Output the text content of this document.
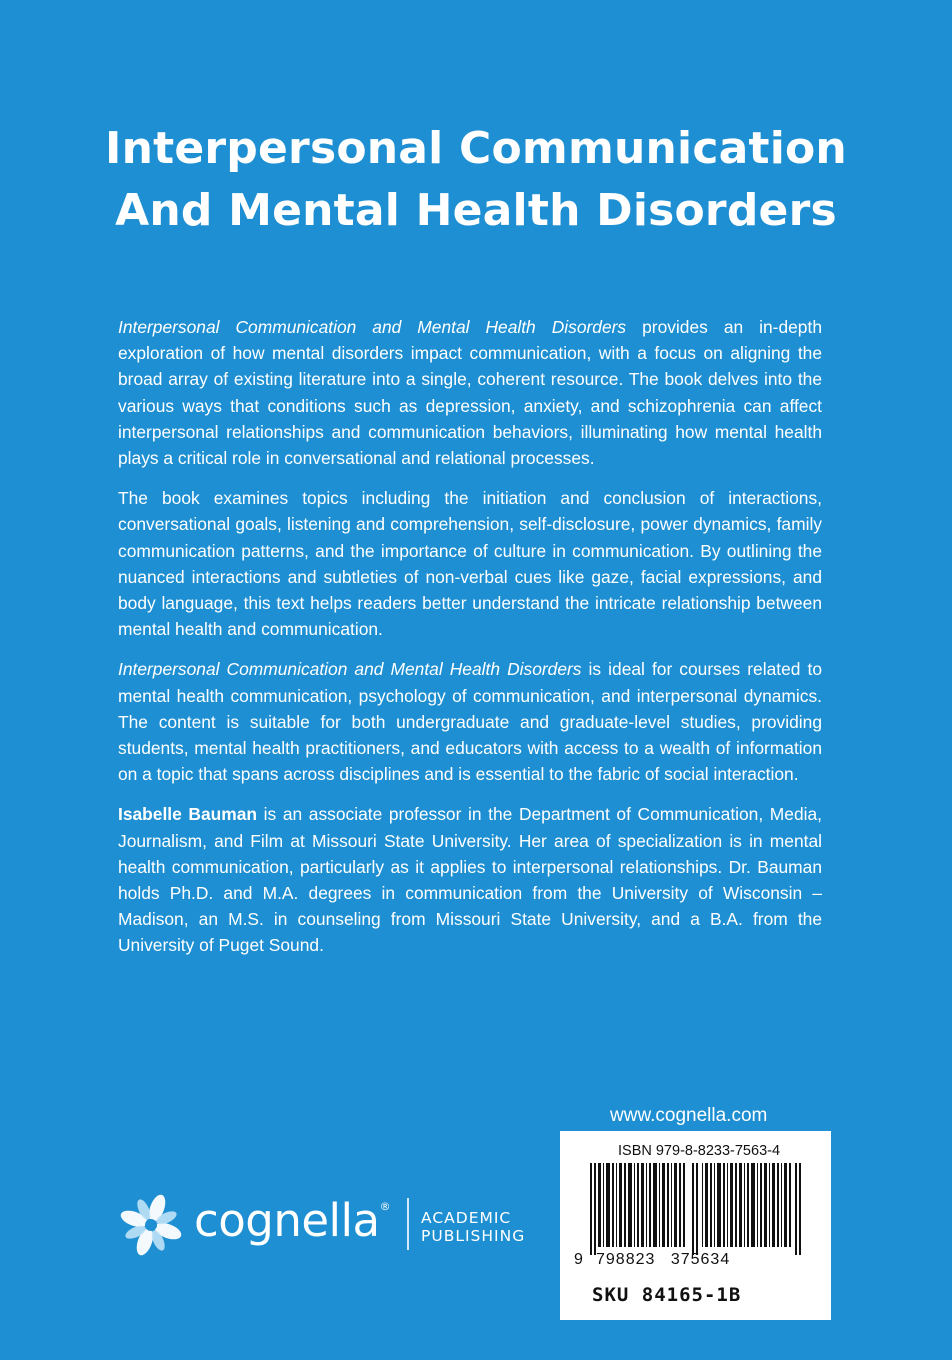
Interpersonal Communication
And Mental Health Disorders

Interpersonal Communication and Mental Health Disorders provides an in-depth exploration of how mental disorders impact communication, with a focus on aligning the broad array of existing literature into a single, coherent resource. The book delves into the various ways that conditions such as depression, anxiety, and schizophrenia can affect interpersonal relationships and communication behaviors, illuminating how mental health plays a critical role in conversational and relational processes.

The book examines topics including the initiation and conclusion of interactions, conversational goals, listening and comprehension, self-disclosure, power dynamics, family communication patterns, and the importance of culture in communication. By outlining the nuanced interactions and subtleties of non-verbal cues like gaze, facial expressions, and body language, this text helps readers better understand the intricate relationship between mental health and communication.

Interpersonal Communication and Mental Health Disorders is ideal for courses related to mental health communication, psychology of communication, and interpersonal dynamics. The content is suitable for both undergraduate and graduate-level studies, providing students, mental health practitioners, and educators with access to a wealth of information on a topic that spans across disciplines and is essential to the fabric of social interaction.

Isabelle Bauman is an associate professor in the Department of Communication, Media, Journalism, and Film at Missouri State University. Her area of specialization is in mental health communication, particularly as it applies to interpersonal relationships. Dr. Bauman holds Ph.D. and M.A. degrees in communication from the University of Wisconsin – Madison, an M.S. in counseling from Missouri State University, and a B.A. from the University of Puget Sound.

www.cognella.com
ISBN 979-8-8233-7563-4
9 798823 375634
SKU 84165-1B
cognella®
ACADEMIC
PUBLISHING
